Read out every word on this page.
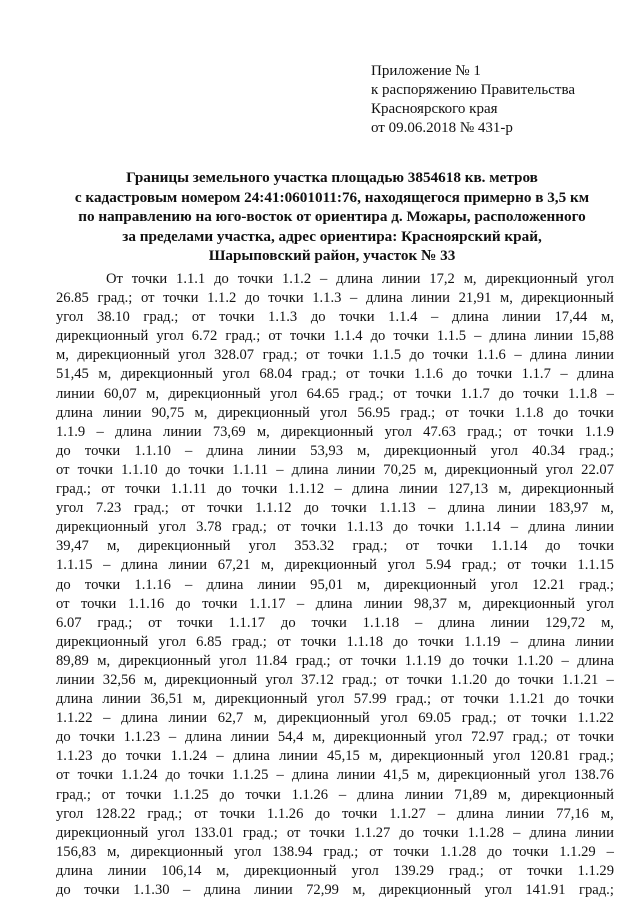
Приложение № 1
к распоряжению Правительства
Красноярского края
от 09.06.2018 № 431-р
Границы земельного участка площадью 3854618 кв. метров
с кадастровым номером 24:41:0601011:76, находящегося примерно в 3,5 км
по направлению на юго-восток от ориентира д. Можары, расположенного
за пределами участка, адрес ориентира: Красноярский край,
Шарыповский район, участок № 33
От точки 1.1.1 до точки 1.1.2 – длина линии 17,2 м, дирекционный угол
26.85 град.; от точки 1.1.2 до точки 1.1.3 – длина линии 21,91 м, дирекционный
угол 38.10 град.; от точки 1.1.3 до точки 1.1.4 – длина линии 17,44 м,
дирекционный угол 6.72 град.; от точки 1.1.4 до точки 1.1.5 – длина линии 15,88
м, дирекционный угол 328.07 град.; от точки 1.1.5 до точки 1.1.6 – длина линии
51,45 м, дирекционный угол 68.04 град.; от точки 1.1.6 до точки 1.1.7 – длина
линии 60,07 м, дирекционный угол 64.65 град.; от точки 1.1.7 до точки 1.1.8 –
длина линии 90,75 м, дирекционный угол 56.95 град.; от точки 1.1.8 до точки
1.1.9 – длина линии 73,69 м, дирекционный угол 47.63 град.; от точки 1.1.9
до точки 1.1.10 – длина линии 53,93 м, дирекционный угол 40.34 град.;
от точки 1.1.10 до точки 1.1.11 – длина линии 70,25 м, дирекционный угол 22.07
град.; от точки 1.1.11 до точки 1.1.12 – длина линии 127,13 м, дирекционный
угол 7.23 град.; от точки 1.1.12 до точки 1.1.13 – длина линии 183,97 м,
дирекционный угол 3.78 град.; от точки 1.1.13 до точки 1.1.14 – длина линии
39,47 м, дирекционный угол 353.32 град.; от точки 1.1.14 до точки
1.1.15 – длина линии 67,21 м, дирекционный угол 5.94 град.; от точки 1.1.15
до точки 1.1.16 – длина линии 95,01 м, дирекционный угол 12.21 град.;
от точки 1.1.16 до точки 1.1.17 – длина линии 98,37 м, дирекционный угол
6.07 град.; от точки 1.1.17 до точки 1.1.18 – длина линии 129,72 м,
дирекционный угол 6.85 град.; от точки 1.1.18 до точки 1.1.19 – длина линии
89,89 м, дирекционный угол 11.84 град.; от точки 1.1.19 до точки 1.1.20 – длина
линии 32,56 м, дирекционный угол 37.12 град.; от точки 1.1.20 до точки 1.1.21 –
длина линии 36,51 м, дирекционный угол 57.99 град.; от точки 1.1.21 до точки
1.1.22 – длина линии 62,7 м, дирекционный угол 69.05 град.; от точки 1.1.22
до точки 1.1.23 – длина линии 54,4 м, дирекционный угол 72.97 град.; от точки
1.1.23 до точки 1.1.24 – длина линии 45,15 м, дирекционный угол 120.81 град.;
от точки 1.1.24 до точки 1.1.25 – длина линии 41,5 м, дирекционный угол 138.76
град.; от точки 1.1.25 до точки 1.1.26 – длина линии 71,89 м, дирекционный
угол 128.22 град.; от точки 1.1.26 до точки 1.1.27 – длина линии 77,16 м,
дирекционный угол 133.01 град.; от точки 1.1.27 до точки 1.1.28 – длина линии
156,83 м, дирекционный угол 138.94 град.; от точки 1.1.28 до точки 1.1.29 –
длина линии 106,14 м, дирекционный угол 139.29 град.; от точки 1.1.29
до точки 1.1.30 – длина линии 72,99 м, дирекционный угол 141.91 град.;
